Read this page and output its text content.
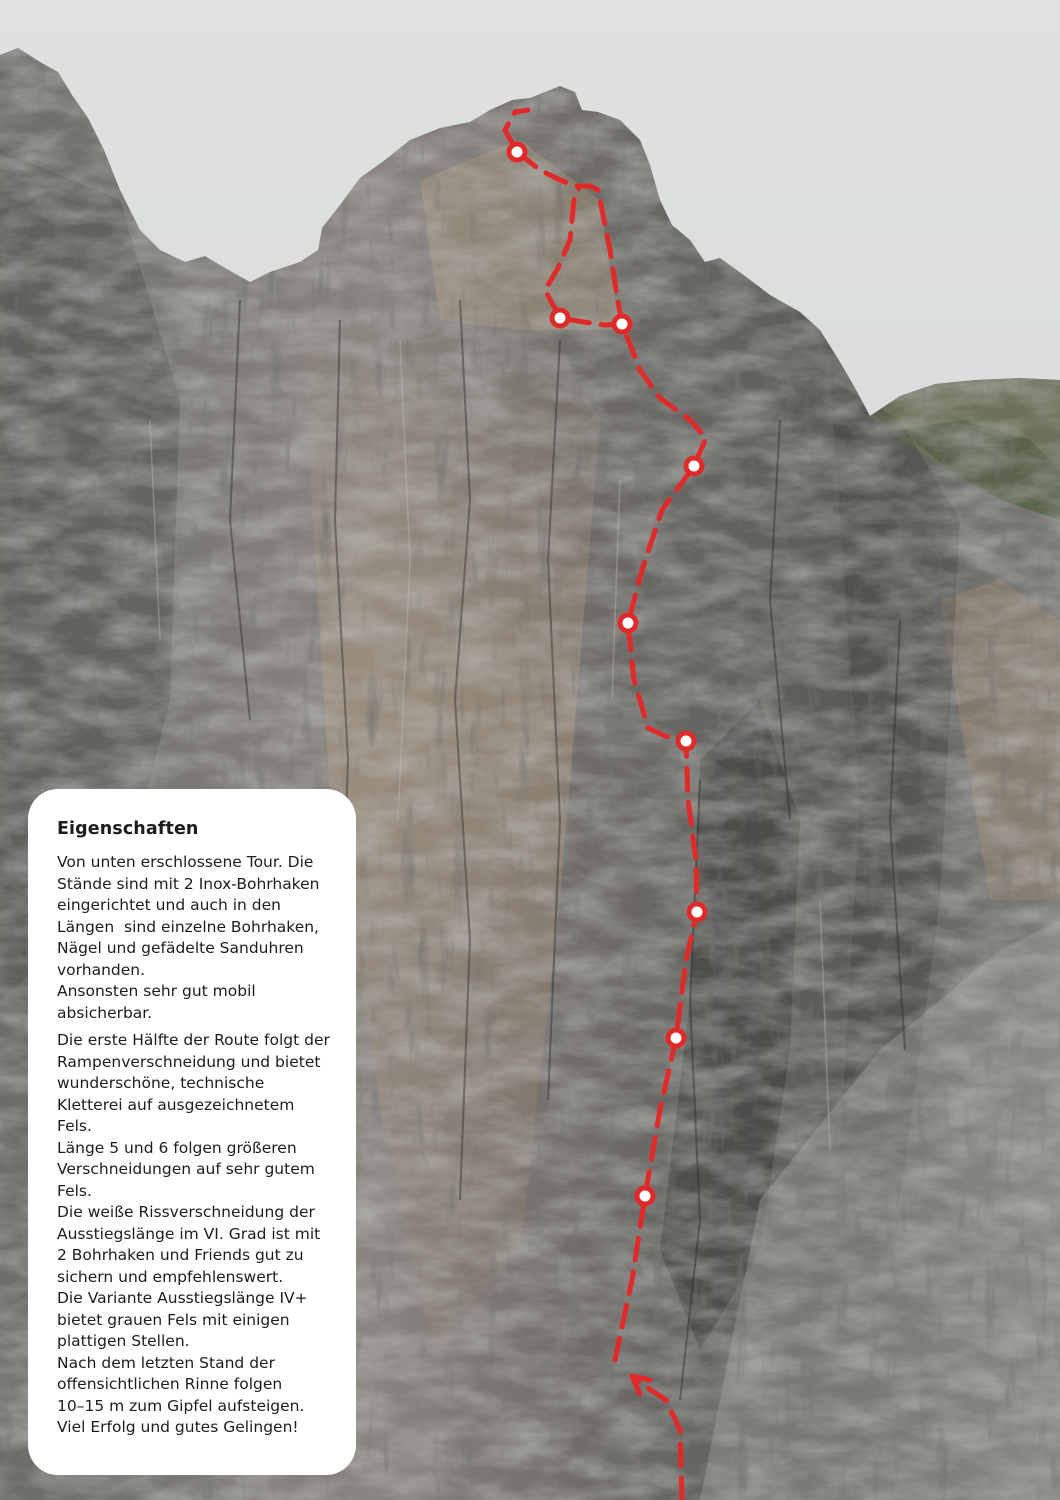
Eigenschaften

Von unten erschlossene Tour. Die
Stände sind mit 2 Inox-Bohrhaken
eingerichtet und auch in den
Längen  sind einzelne Bohrhaken,
Nägel und gefädelte Sanduhren
vorhanden.
Ansonsten sehr gut mobil
absicherbar.

Die erste Hälfte der Route folgt der
Rampenverschneidung und bietet
wunderschöne, technische
Kletterei auf ausgezeichnetem
Fels.
Länge 5 und 6 folgen größeren
Verschneidungen auf sehr gutem
Fels.
Die weiße Rissverschneidung der
Ausstiegslänge im VI. Grad ist mit
2 Bohrhaken und Friends gut zu
sichern und empfehlenswert.
Die Variante Ausstiegslänge IV+
bietet grauen Fels mit einigen
plattigen Stellen.
Nach dem letzten Stand der
offensichtlichen Rinne folgen
10–15 m zum Gipfel aufsteigen.
Viel Erfolg und gutes Gelingen!
